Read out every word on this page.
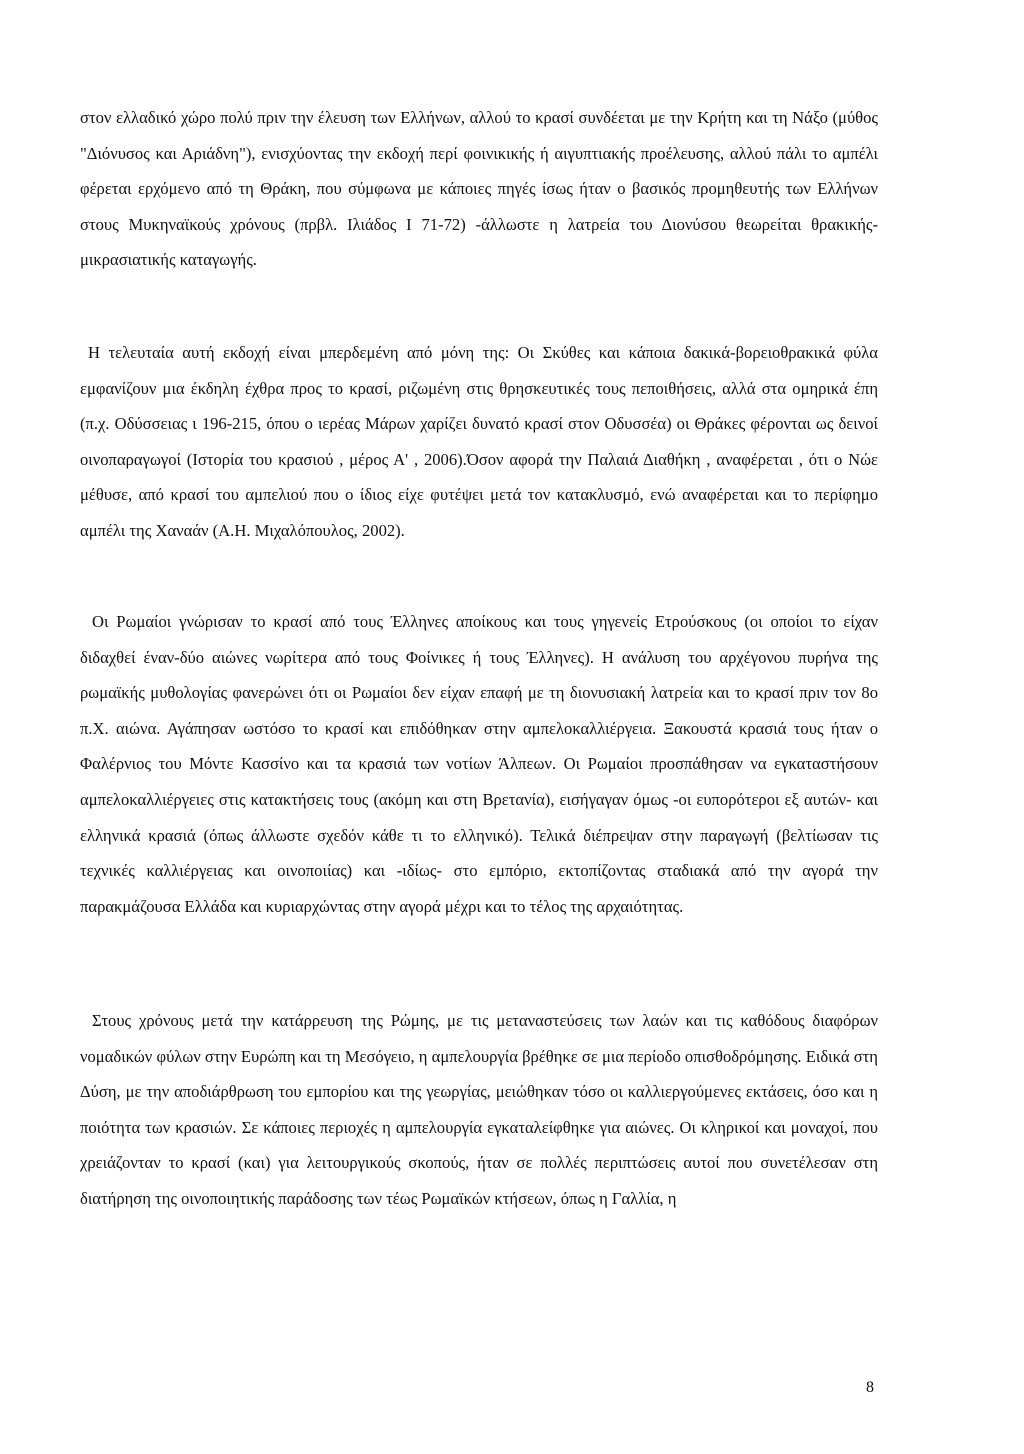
στον ελλαδικό χώρο πολύ πριν την έλευση των Ελλήνων, αλλού το κρασί συνδέεται με την Κρήτη και τη Νάξο (μύθος "Διόνυσος και Αριάδνη"), ενισχύοντας την εκδοχή περί φοινικικής ή αιγυπτιακής προέλευσης, αλλού πάλι το αμπέλι φέρεται ερχόμενο από τη Θράκη, που σύμφωνα με κάποιες πηγές ίσως ήταν ο βασικός προμηθευτής των Ελλήνων στους Μυκηναϊκούς χρόνους (πρβλ. Ιλιάδος Ι 71-72) -άλλωστε η λατρεία του Διονύσου θεωρείται θρακικής-μικρασιατικής καταγωγής.

Η τελευταία αυτή εκδοχή είναι μπερδεμένη από μόνη της: Οι Σκύθες και κάποια δακικά-βορειοθρακικά φύλα εμφανίζουν μια έκδηλη έχθρα προς το κρασί, ριζωμένη στις θρησκευτικές τους πεποιθήσεις, αλλά στα ομηρικά έπη (π.χ. Οδύσσειας ι 196-215, όπου ο ιερέας Μάρων χαρίζει δυνατό κρασί στον Οδυσσέα) οι Θράκες φέρονται ως δεινοί οινοπαραγωγοί (Ιστορία του κρασιού , μέρος Α' , 2006).Όσον αφορά την Παλαιά Διαθήκη , αναφέρεται , ότι ο Νώε μέθυσε, από κρασί του αμπελιού που ο ίδιος είχε φυτέψει μετά τον κατακλυσμό, ενώ αναφέρεται και το περίφημο αμπέλι της Χαναάν (Α.Η. Μιχαλόπουλος, 2002).

Οι Ρωμαίοι γνώρισαν το κρασί από τους Έλληνες αποίκους και τους γηγενείς Ετρούσκους (οι οποίοι το είχαν διδαχθεί έναν-δύο αιώνες νωρίτερα από τους Φοίνικες ή τους Έλληνες). Η ανάλυση του αρχέγονου πυρήνα της ρωμαϊκής μυθολογίας φανερώνει ότι οι Ρωμαίοι δεν είχαν επαφή με τη διονυσιακή λατρεία και το κρασί πριν τον 8ο π.Χ. αιώνα. Αγάπησαν ωστόσο το κρασί και επιδόθηκαν στην αμπελοκαλλιέργεια. Ξακουστά κρασιά τους ήταν ο Φαλέρνιος του Μόντε Κασσίνο και τα κρασιά των νοτίων Άλπεων. Οι Ρωμαίοι προσπάθησαν να εγκαταστήσουν αμπελοκαλλιέργειες στις κατακτήσεις τους (ακόμη και στη Βρετανία), εισήγαγαν όμως -οι ευπορότεροι εξ αυτών- και ελληνικά κρασιά (όπως άλλωστε σχεδόν κάθε τι το ελληνικό). Τελικά διέπρεψαν στην παραγωγή (βελτίωσαν τις τεχνικές καλλιέργειας και οινοποιίας) και -ιδίως- στο εμπόριο, εκτοπίζοντας σταδιακά από την αγορά την παρακμάζουσα Ελλάδα και κυριαρχώντας στην αγορά μέχρι και το τέλος της αρχαιότητας.

Στους χρόνους μετά την κατάρρευση της Ρώμης, με τις μεταναστεύσεις των λαών και τις καθόδους διαφόρων νομαδικών φύλων στην Ευρώπη και τη Μεσόγειο, η αμπελουργία βρέθηκε σε μια περίοδο οπισθοδρόμησης. Ειδικά στη Δύση, με την αποδιάρθρωση του εμπορίου και της γεωργίας, μειώθηκαν τόσο οι καλλιεργούμενες εκτάσεις, όσο και η ποιότητα των κρασιών. Σε κάποιες περιοχές η αμπελουργία εγκαταλείφθηκε για αιώνες. Οι κληρικοί και μοναχοί, που χρειάζονταν το κρασί (και) για λειτουργικούς σκοπούς, ήταν σε πολλές περιπτώσεις αυτοί που συνετέλεσαν στη διατήρηση της οινοποιητικής παράδοσης των τέως Ρωμαϊκών κτήσεων, όπως η Γαλλία, η

8
